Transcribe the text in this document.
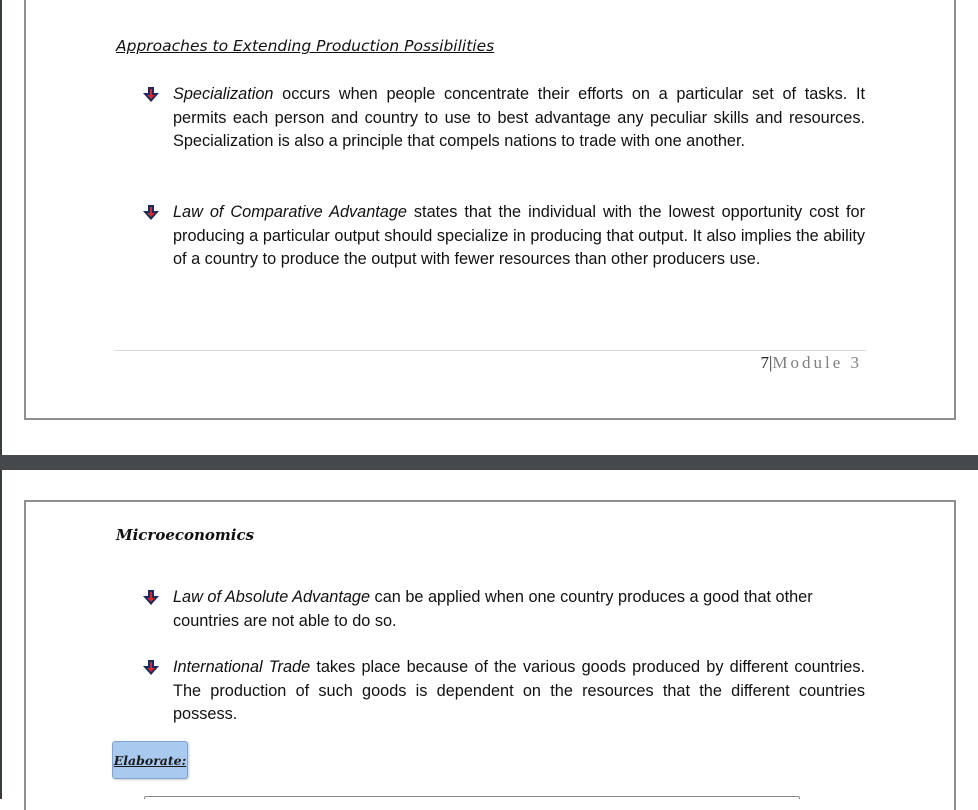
Approaches to Extending Production Possibilities
Specialization occurs when people concentrate their efforts on a particular set of tasks. It permits each person and country to use to best advantage any peculiar skills and resources. Specialization is also a principle that compels nations to trade with one another.
Law of Comparative Advantage states that the individual with the lowest opportunity cost for producing a particular output should specialize in producing that output. It also implies the ability of a country to produce the output with fewer resources than other producers use.
7|Module 3
Microeconomics
Law of Absolute Advantage can be applied when one country produces a good that other countries are not able to do so.
International Trade takes place because of the various goods produced by different countries. The production of such goods is dependent on the resources that the different countries possess.
Elaborate:
